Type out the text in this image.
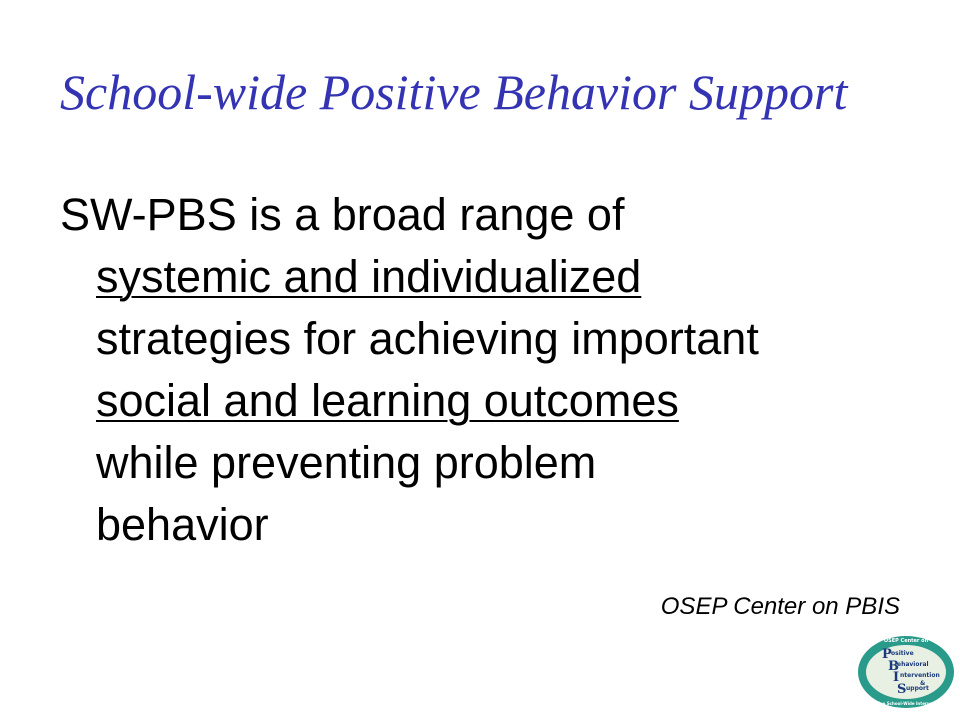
School-wide Positive Behavior Support
SW-PBS is a broad range of
systemic and individualized
strategies for achieving important
social and learning outcomes
while preventing problem
behavior
OSEP Center on PBIS
OSEP Center on
P ositive
B
ehavioral
I ntervention
&
S upport
Effective School-Wide Interventions
